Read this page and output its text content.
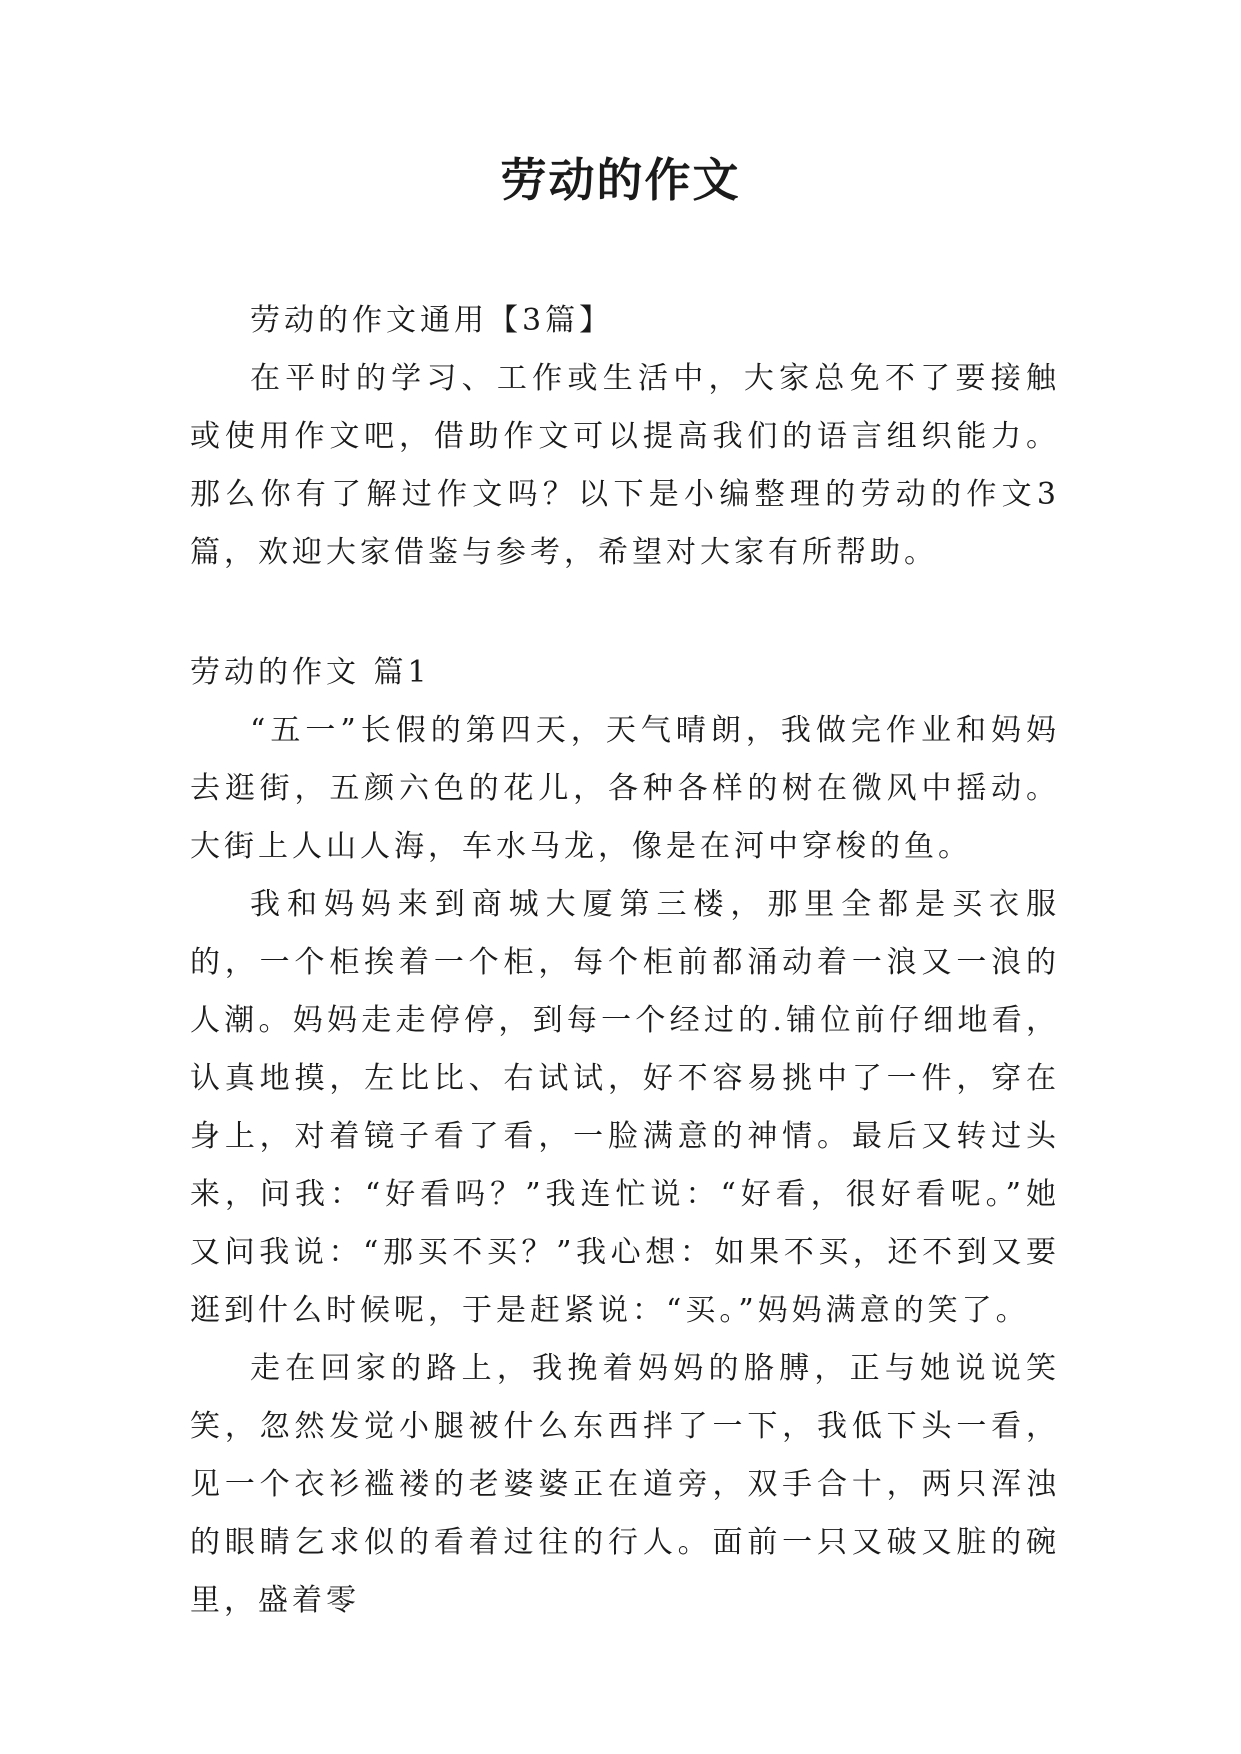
劳动的作文

劳动的作文通用【3篇】

在平时的学习、工作或生活中，大家总免不了要接触或使用作文吧，借助作文可以提高我们的语言组织能力。那么你有了解过作文吗？以下是小编整理的劳动的作文3篇，欢迎大家借鉴与参考，希望对大家有所帮助。

劳动的作文 篇1

“五一”长假的第四天，天气晴朗，我做完作业和妈妈去逛街，五颜六色的花儿，各种各样的树在微风中摇动。大街上人山人海，车水马龙，像是在河中穿梭的鱼。

我和妈妈来到商城大厦第三楼，那里全都是买衣服的，一个柜挨着一个柜，每个柜前都涌动着一浪又一浪的人潮。妈妈走走停停，到每一个经过的.铺位前仔细地看，认真地摸，左比比、右试试，好不容易挑中了一件，穿在身上，对着镜子看了看，一脸满意的神情。最后又转过头来，问我：“好看吗？”我连忙说：“好看，很好看呢。”她又问我说：“那买不买？”我心想：如果不买，还不到又要逛到什么时候呢，于是赶紧说：“买。”妈妈满意的笑了。

走在回家的路上，我挽着妈妈的胳膊，正与她说说笑笑，忽然发觉小腿被什么东西拌了一下，我低下头一看，见一个衣衫褴褛的老婆婆正在道旁，双手合十，两只浑浊的眼睛乞求似的看着过往的行人。面前一只又破又脏的碗里，盛着零
